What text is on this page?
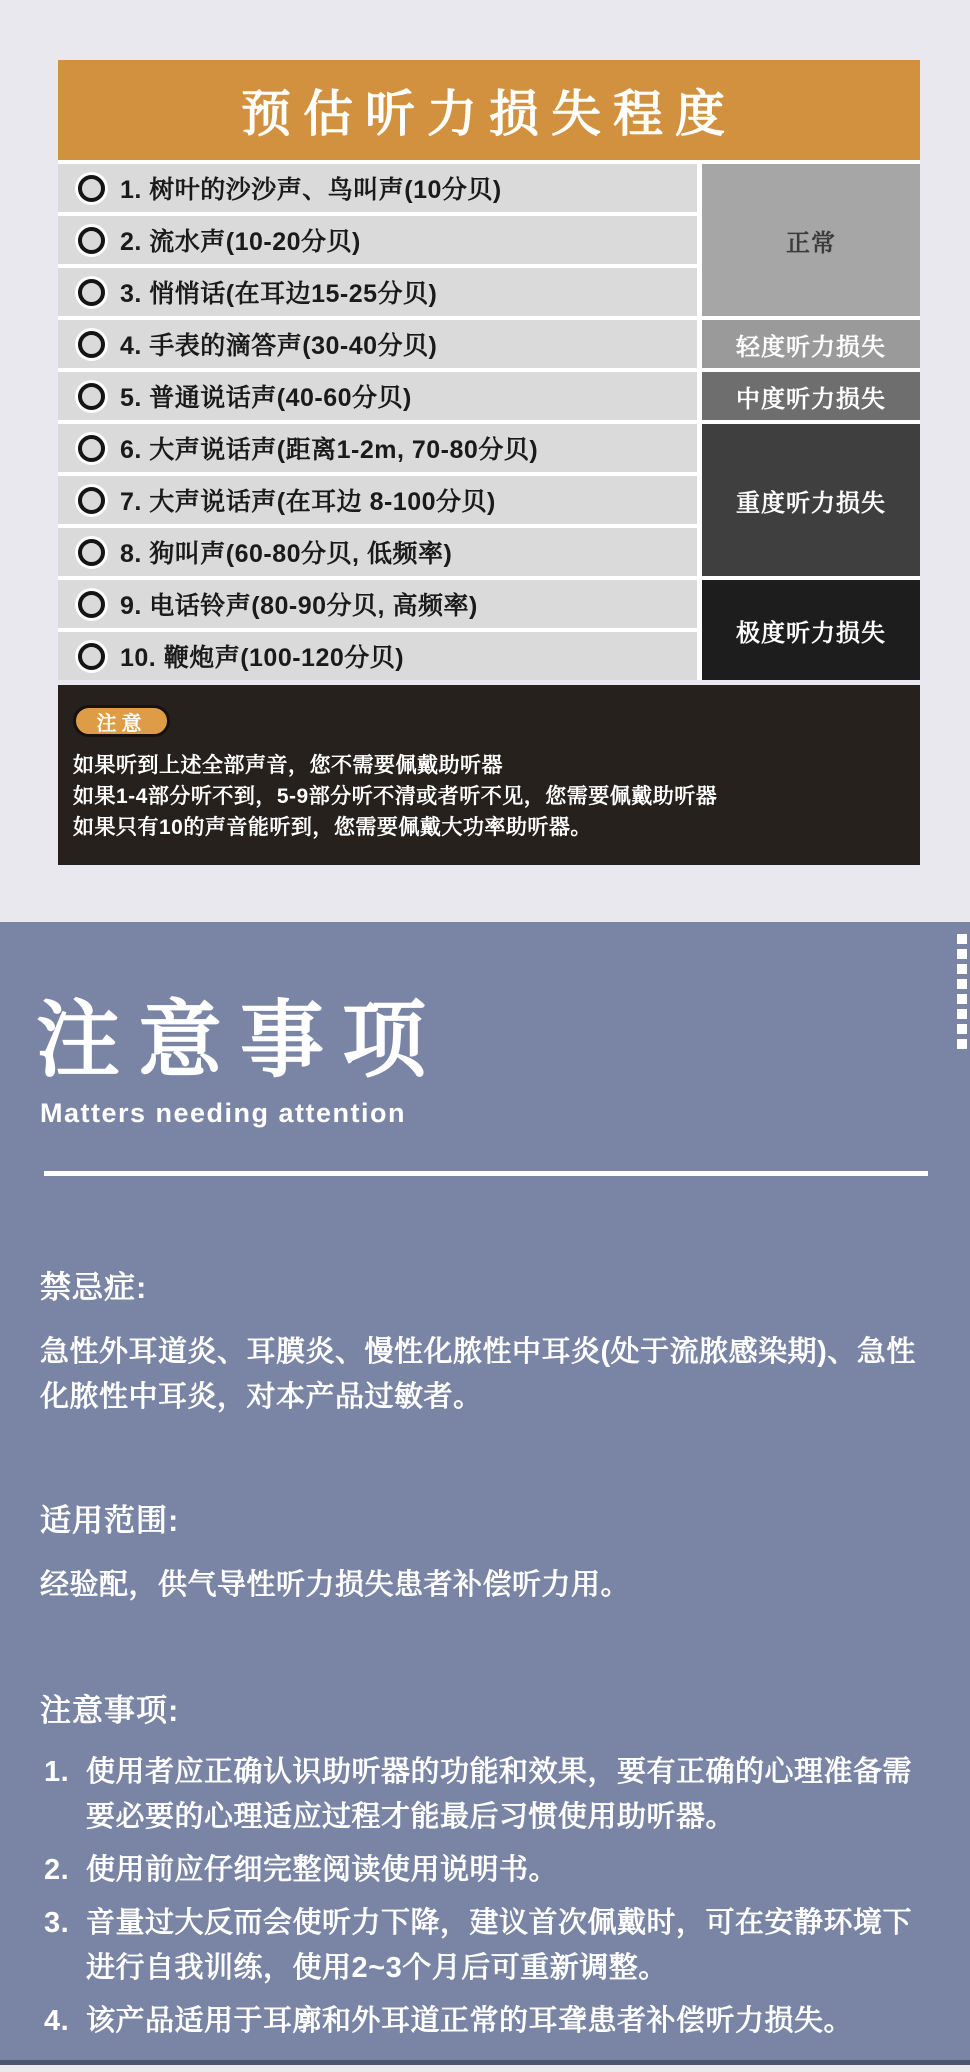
预估听力损失程度
1. 树叶的沙沙声、鸟叫声(10分贝)
2. 流水声(10-20分贝)
3. 悄悄话(在耳边15-25分贝)
4. 手表的滴答声(30-40分贝)
5. 普通说话声(40-60分贝)
6. 大声说话声(距离1-2m, 70-80分贝)
7. 大声说话声(在耳边 8-100分贝)
8. 狗叫声(60-80分贝, 低频率)
9. 电话铃声(80-90分贝, 高频率)
10. 鞭炮声(100-120分贝)
正常
轻度听力损失
中度听力损失
重度听力损失
极度听力损失
注意
如果听到上述全部声音，您不需要佩戴助听器
如果1-4部分听不到，5-9部分听不清或者听不见，您需要佩戴助听器
如果只有10的声音能听到，您需要佩戴大功率助听器。
注意事项
Matters needing attention
禁忌症:
急性外耳道炎、耳膜炎、慢性化脓性中耳炎(处于流脓感染期)、急性化脓性中耳炎，对本产品过敏者。
适用范围:
经验配，供气导性听力损失患者补偿听力用。
注意事项:
1. 使用者应正确认识助听器的功能和效果，要有正确的心理准备需要必要的心理适应过程才能最后习惯使用助听器。
2. 使用前应仔细完整阅读使用说明书。
3. 音量过大反而会使听力下降，建议首次佩戴时，可在安静环境下进行自我训练，使用2~3个月后可重新调整。
4. 该产品适用于耳廓和外耳道正常的耳聋患者补偿听力损失。
